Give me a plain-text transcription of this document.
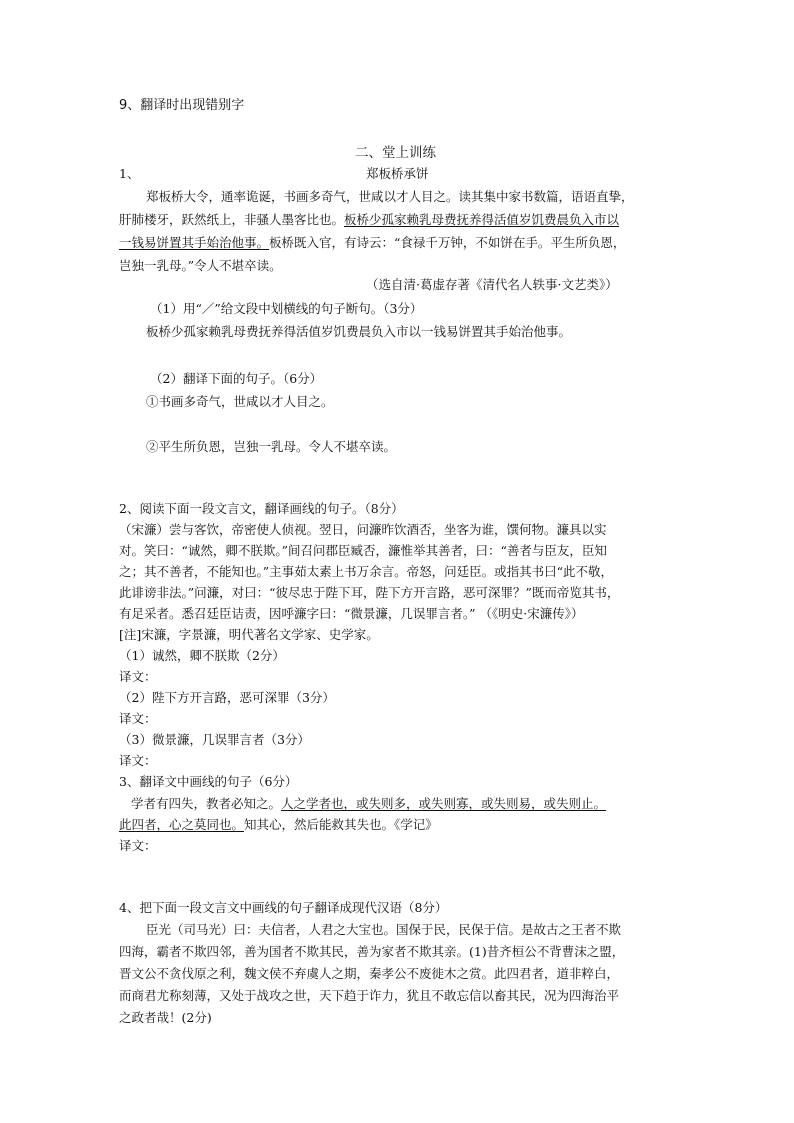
9、翻译时出现错别字
二、堂上训练
1、	郑板桥承饼
郑板桥大令，通率诡诞，书画多奇气，世咸以才人目之。读其集中家书数篇，语语直挚，
肝肺楼牙，跃然纸上，非骚人墨客比也。板桥少孤家赖乳母费抚养得活值岁饥费晨负入市以
一钱易饼置其手始治他事。板桥既入官，有诗云：“食禄千万钟，不如饼在手。平生所负恩，
岂独一乳母。”令人不堪卒读。
（选自清·葛虚存著《清代名人轶事·文艺类》）
（1）用“／”给文段中划横线的句子断句。（3分）
板桥少孤家赖乳母费抚养得活值岁饥费晨负入市以一钱易饼置其手始治他事。
（2）翻译下面的句子。（6分）
①书画多奇气，世咸以才人目之。
②平生所负恩，岂独一乳母。令人不堪卒读。
2、阅读下面一段文言文，翻译画线的句子。（8分）
（宋濂）尝与客饮，帝密使人侦视。翌日，问濂昨饮酒否，坐客为谁，馔何物。濂具以实
对。笑曰：“诚然，卿不朕欺。”间召问郡臣臧否，濂惟举其善者，曰：“善者与臣友，臣知
之；其不善者，不能知也。”主事茹太素上书万余言。帝怒，问廷臣。或指其书曰“此不敬，
此诽谤非法。”问濂，对曰：“彼尽忠于陛下耳，陛下方开言路，恶可深罪？”既而帝览其书，
有足采者。悉召廷臣诘责，因呼濂字曰：“微景濂，几误罪言者。” （《明史·宋濂传》）
[注]宋濂，字景濂，明代著名文学家、史学家。
（1）诚然，卿不朕欺（2分）
译文：
（2）陛下方开言路，恶可深罪（3分）
译文：
（3）微景濂，几误罪言者（3分）
译文：
3、翻译文中画线的句子（6分）
学者有四失，教者必知之。人之学者也，或失则多，或失则寡，或失则易，或失则止。
此四者，心之莫同也。知其心，然后能救其失也。《学记》
译文：
4、把下面一段文言文中画线的句子翻译成现代汉语（8分）
臣光（司马光）曰：夫信者，人君之大宝也。国保于民，民保于信。是故古之王者不欺
四海，霸者不欺四邻，善为国者不欺其民，善为家者不欺其亲。(1)昔齐桓公不背曹沫之盟，
晋文公不贪伐原之利，魏文侯不弃虞人之期，秦孝公不废徙木之赏。此四君者，道非粹白，
而商君尤称刻薄，又处于战攻之世，天下趋于诈力，犹且不敢忘信以畜其民，况为四海治平
之政者哉！(2分)
